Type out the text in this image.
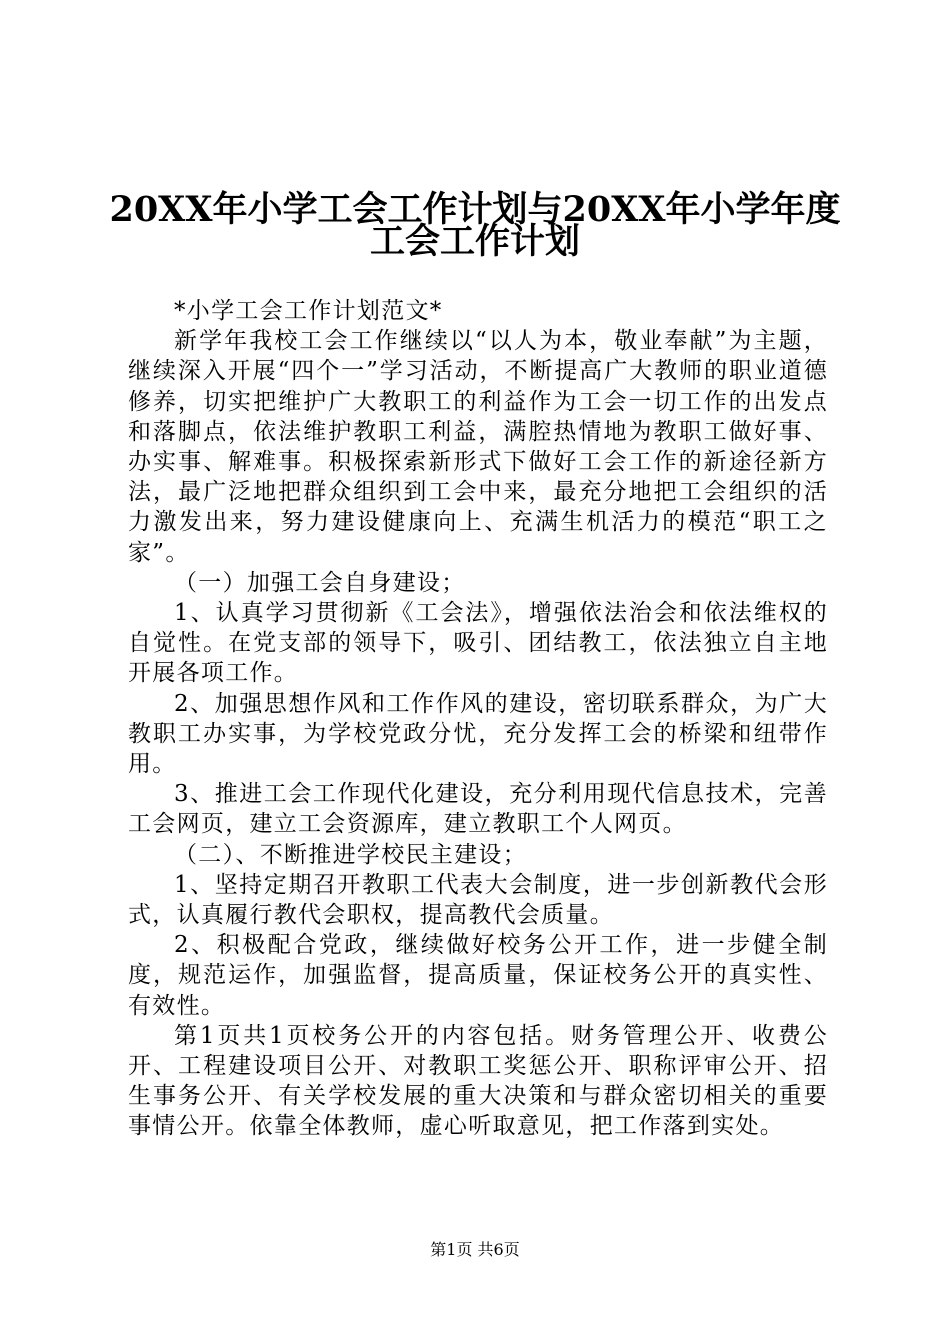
20XX年小学工会工作计划与20XX年小学年度
工会工作计划

*小学工会工作计划范文*

新学年我校工会工作继续以“以人为本，敬业奉献”为主题，继续深入开展“四个一”学习活动，不断提高广大教师的职业道德修养，切实把维护广大教职工的利益作为工会一切工作的出发点和落脚点，依法维护教职工利益，满腔热情地为教职工做好事、办实事、解难事。积极探索新形式下做好工会工作的新途径新方法，最广泛地把群众组织到工会中来，最充分地把工会组织的活力激发出来，努力建设健康向上、充满生机活力的模范“职工之家”。

（一）加强工会自身建设；

1、认真学习贯彻新《工会法》，增强依法治会和依法维权的自觉性。在党支部的领导下，吸引、团结教工，依法独立自主地开展各项工作。

2、加强思想作风和工作作风的建设，密切联系群众，为广大教职工办实事，为学校党政分忧，充分发挥工会的桥梁和纽带作用。

3、推进工会工作现代化建设，充分利用现代信息技术，完善工会网页，建立工会资源库，建立教职工个人网页。

（二）、不断推进学校民主建设；

1、坚持定期召开教职工代表大会制度，进一步创新教代会形式，认真履行教代会职权，提高教代会质量。

2、积极配合党政，继续做好校务公开工作，进一步健全制度，规范运作，加强监督，提高质量，保证校务公开的真实性、有效性。

第1页共1页校务公开的内容包括。财务管理公开、收费公开、工程建设项目公开、对教职工奖惩公开、职称评审公开、招生事务公开、有关学校发展的重大决策和与群众密切相关的重要事情公开。依靠全体教师，虚心听取意见，把工作落到实处。

第1页 共6页
